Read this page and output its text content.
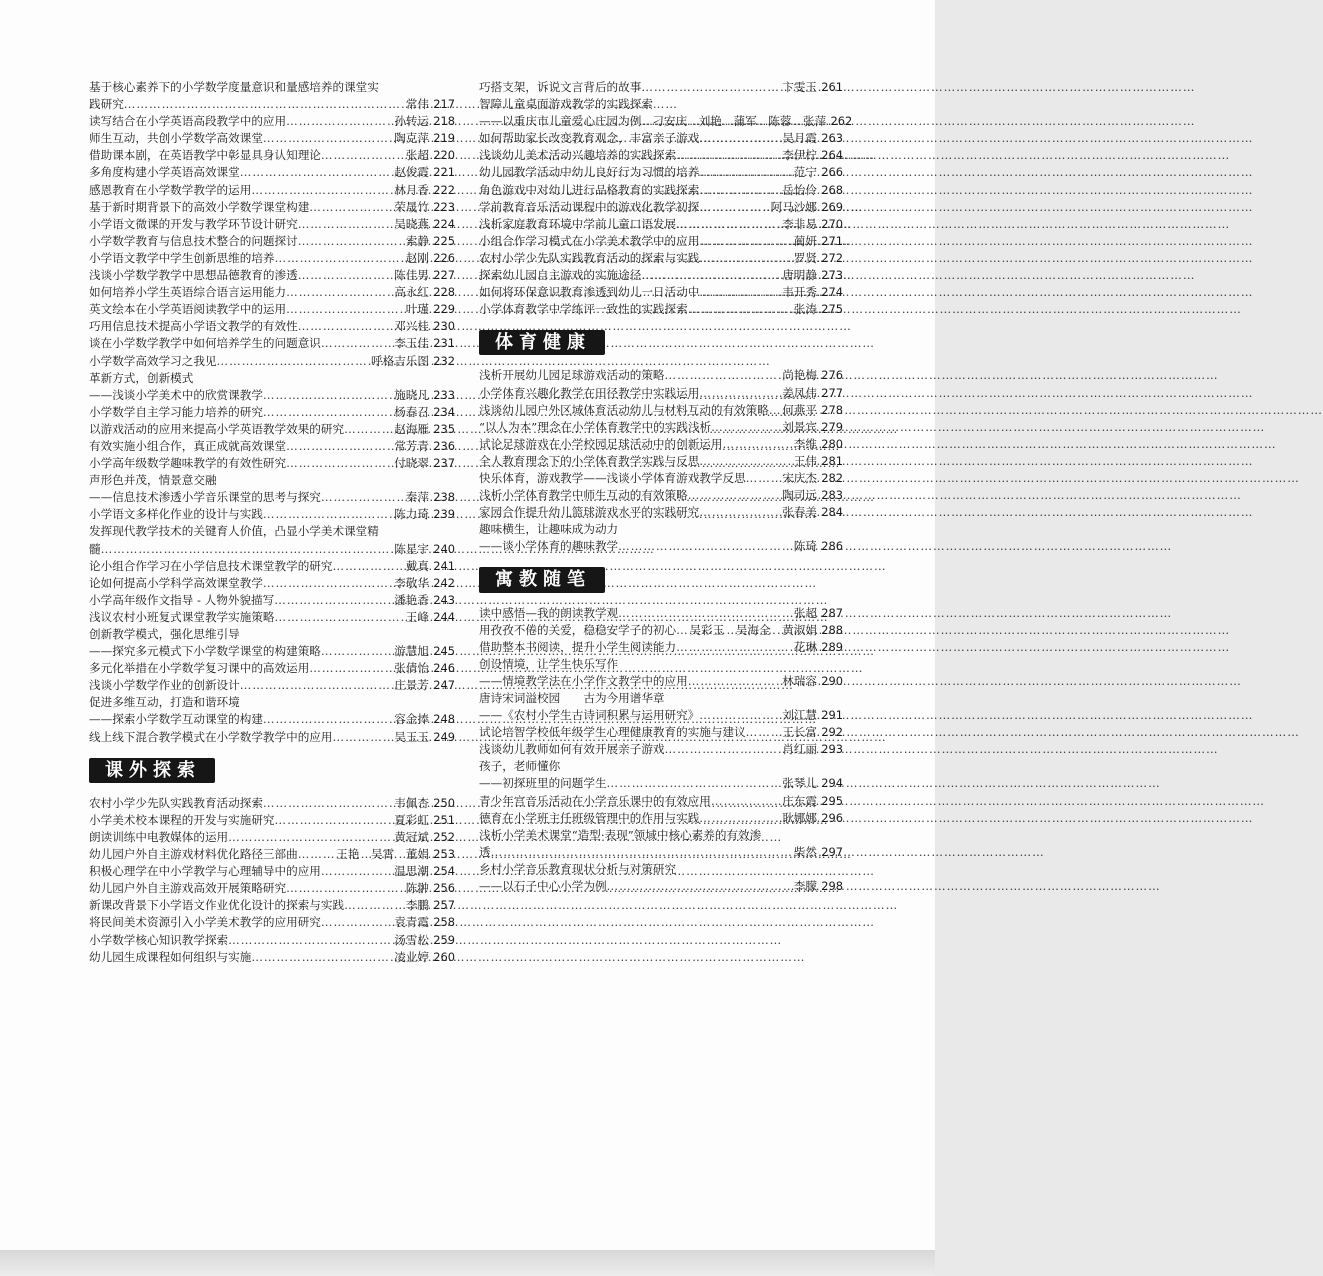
基于核心素养下的小学数学度量意识和量感培养的课堂实
践研究 ……………………………………………………………………………………………………………………	常伟 217
读写结合在小学英语高段教学中的应用 ……………………………………………………………………………………………………………………	孙转运 218
师生互动，共创小学数学高效课堂 ……………………………………………………………………………………………………………………	陶克萍 219
借助课本剧，在英语教学中彰显具身认知理论 ……………………………………………………………………………………………………………………	张超 220
多角度构建小学英语高效课堂 ……………………………………………………………………………………………………………………	赵俊霞 221
感恩教育在小学数学教学的运用 ……………………………………………………………………………………………………………………	林月香 222
基于新时期背景下的高效小学数学课堂构建 ……………………………………………………………………………………………………………………	荣晟竹 223
小学语文微课的开发与教学环节设计研究 ……………………………………………………………………………………………………………………	吴晓燕 224
小学数学教育与信息技术整合的问题探讨 ……………………………………………………………………………………………………………………	索静 225
小学语文教学中学生创新思维的培养 ……………………………………………………………………………………………………………………	赵刚 226
浅谈小学数学教学中思想品德教育的渗透 ……………………………………………………………………………………………………………………	陈佳男 227
如何培养小学生英语综合语言运用能力 ……………………………………………………………………………………………………………………	高永红 228
英文绘本在小学英语阅读教学中的运用 ……………………………………………………………………………………………………………………	叶瑾 229
巧用信息技术提高小学语文教学的有效性 ……………………………………………………………………………………………………………………	邓兴桂 230
谈在小学数学教学中如何培养学生的问题意识 ……………………………………………………………………………………………………………………	李玉佳 231
小学数学高效学习之我见 ……………………………………………………………………………………………………………………	呼格吉乐图 232
革新方式，创新模式
——浅谈小学美术中的欣赏课教学 ……………………………………………………………………………………………………………………	施晓凡 233
小学数学自主学习能力培养的研究 ……………………………………………………………………………………………………………………	杨春召 234
以游戏活动的应用来提高小学英语教学效果的研究 ……………………………………………………………………………………………………………………	赵海雁 235
有效实施小组合作，真正成就高效课堂 ……………………………………………………………………………………………………………………	常芳青 236
小学高年级数学趣味教学的有效性研究 ……………………………………………………………………………………………………………………	付晓翠 237
声形色并茂，情景意交融
——信息技术渗透小学音乐课堂的思考与探究 ……………………………………………………………………………………………………………………	秦萍 238
小学语文多样化作业的设计与实践 ……………………………………………………………………………………………………………………	陈力琦 239
发挥现代教学技术的关键育人价值，凸显小学美术课堂精
髓 ……………………………………………………………………………………………………………………	陈星宇 240
论小组合作学习在小学信息技术课堂教学的研究 ……………………………………………………………………………………………………………………	戴真 241
论如何提高小学科学高效课堂教学 ……………………………………………………………………………………………………………………	李敬华 242
小学高年级作文指导 - 人物外貌描写 ……………………………………………………………………………………………………………………	潘艳香 243
浅议农村小班复式课堂教学实施策略 ……………………………………………………………………………………………………………………	王峰 244
创新教学模式，强化思维引导
——探究多元模式下小学数学课堂的构建策略 ……………………………………………………………………………………………………………………	游慧旭 245
多元化举措在小学数学复习课中的高效运用 ……………………………………………………………………………………………………………………	张倩怡 246
浅谈小学数学作业的创新设计 ……………………………………………………………………………………………………………………	庄景芳 247
促进多维互动，打造和谐环境
——探索小学数学互动课堂的构建 ……………………………………………………………………………………………………………………	容金捧 248
线上线下混合教学模式在小学数学教学中的应用 ……………………………………………………………………………………………………………………	吴玉玉 249
课外探索
农村小学少先队实践教育活动探索 ……………………………………………………………………………………………………………………	韦佩杏 250
小学美术校本课程的开发与实施研究 ……………………………………………………………………………………………………………………	夏彩虹 251
朗读训练中电教媒体的运用 ……………………………………………………………………………………………………………………	黄冠斌 252
幼儿园户外自主游戏材料优化路径三部曲 ……………………………………………………………………………………………………………………	王艳　吴霄　董娟 253
积极心理学在中小学教学与心理辅导中的应用 ……………………………………………………………………………………………………………………	温思潮 254
幼儿园户外自主游戏高效开展策略研究 ……………………………………………………………………………………………………………………	陈翀 256
新课改背景下小学语文作业优化设计的探索与实践 ……………………………………………………………………………………………………………………	李鹏 257
将民间美术资源引入小学美术教学的应用研究 ……………………………………………………………………………………………………………………	袁青霞 258
小学数学核心知识教学探索 ……………………………………………………………………………………………………………………	汤雪松 259
幼儿园生成课程如何组织与实施 ……………………………………………………………………………………………………………………	凌业婷 260
巧搭支架，诉说文言背后的故事 ……………………………………………………………………………………………………………………	卞雯玉 261
智障儿童桌面游戏教学的实践探索
——以重庆市儿童爱心庄园为例 …………………………………………………………………………………………………………………… 刁安庆　刘艳　蒲军　陈蓉　张萍 262
如何帮助家长改变教育观念，丰富亲子游戏 ……………………………………………………………………………………………………………………	吴月霞 263
浅谈幼儿美术活动兴趣培养的实践探索 ……………………………………………………………………………………………………………………	李伊柠 264
幼儿园教学活动中幼儿良好行为习惯的培养 ……………………………………………………………………………………………………………………	范宁 266
角色游戏中对幼儿进行品格教育的实践探索 ……………………………………………………………………………………………………………………	岳怡伶 268
学前教育音乐活动课程中的游戏化教学初探 ……………………………………………………………………………………………………………………	阿马沙娜 269
浅析家庭教育环境中学前儿童口语发展 ……………………………………………………………………………………………………………………	李非易 270
小组合作学习模式在小学美术教学中的应用 ……………………………………………………………………………………………………………………	蔺妍 271
农村小学少先队实践教育活动的探索与实践 ……………………………………………………………………………………………………………………	罗贤 272
探索幼儿园自主游戏的实施途径 ……………………………………………………………………………………………………………………	唐明静 273
如何将环保意识教育渗透到幼儿一日活动中 ……………………………………………………………………………………………………………………	韦开秀 274
小学体育教学中学练评一致性的实践探索 ……………………………………………………………………………………………………………………	张涛 275
体育健康
浅析开展幼儿园足球游戏活动的策略 ……………………………………………………………………………………………………………………	尚艳梅 276
小学体育兴趣化教学在田径教学中实践运用 ……………………………………………………………………………………………………………………	姜凤伟 277
浅谈幼儿园户外区域体育活动幼儿与材料互动的有效策略 …………………………………………………………………………………………………………………… 何燕平 278
“以人为本”理念在小学体育教学中的实践浅析 ……………………………………………………………………………………………………………………	刘景宾 279
试论足球游戏在小学校园足球活动中的创新运用 ……………………………………………………………………………………………………………………	李维 280
全人教育理念下的小学体育教学实践与反思 ……………………………………………………………………………………………………………………	王伟 281
快乐体育，游戏教学——浅谈小学体育游戏教学反思 ……………………………………………………………………………………………………………………	宋庆杰 282
浅析小学体育教学中师生互动的有效策略 ……………………………………………………………………………………………………………………	陶司远 283
家园合作提升幼儿篮球游戏水平的实践研究 ……………………………………………………………………………………………………………………	张春美 284
趣味横生，让趣味成为动力
——谈小学体育的趣味教学 ……………………………………………………………………………………………………………………	陈琦 286
寓教随笔
读中感悟—我的朗读教学观 ……………………………………………………………………………………………………………………	张超 287
用孜孜不倦的关爱，稳稳安学子的初心 …………………………………………………………………………………………………………………… 吴彩玉　吴海全　黄淑娟 288
借助整本书阅读，提升小学生阅读能力 ……………………………………………………………………………………………………………………	花琳 289
创设情境，让学生快乐写作
——情境教学法在小学作文教学中的应用 ……………………………………………………………………………………………………………………	林瑞容 290
唐诗宋词溢校园　　古为今用谱华章
——《农村小学生古诗词积累与运用研究》 ……………………………………………………………………………………………………………………	刘江慧 291
试论培智学校低年级学生心理健康教育的实施与建议 ……………………………………………………………………………………………………………………	王长富 292
浅谈幼儿教师如何有效开展亲子游戏 ……………………………………………………………………………………………………………………	肖红丽 293
孩子，老师懂你
——初探班里的问题学生 ……………………………………………………………………………………………………………………	张琴儿 294
青少年宫音乐活动在小学音乐课中的有效应用 ……………………………………………………………………………………………………………………	庄东霞 295
德育在小学班主任班级管理中的作用与实践 ……………………………………………………………………………………………………………………	耿娜娜 296
浅析小学美术课堂“造型·表现”领域中核心素养的有效渗
透 ……………………………………………………………………………………………………………………	柴然 297
乡村小学音乐教育现状分析与对策研究
——以石子中心小学为例 ……………………………………………………………………………………………………………………	李朦 298
